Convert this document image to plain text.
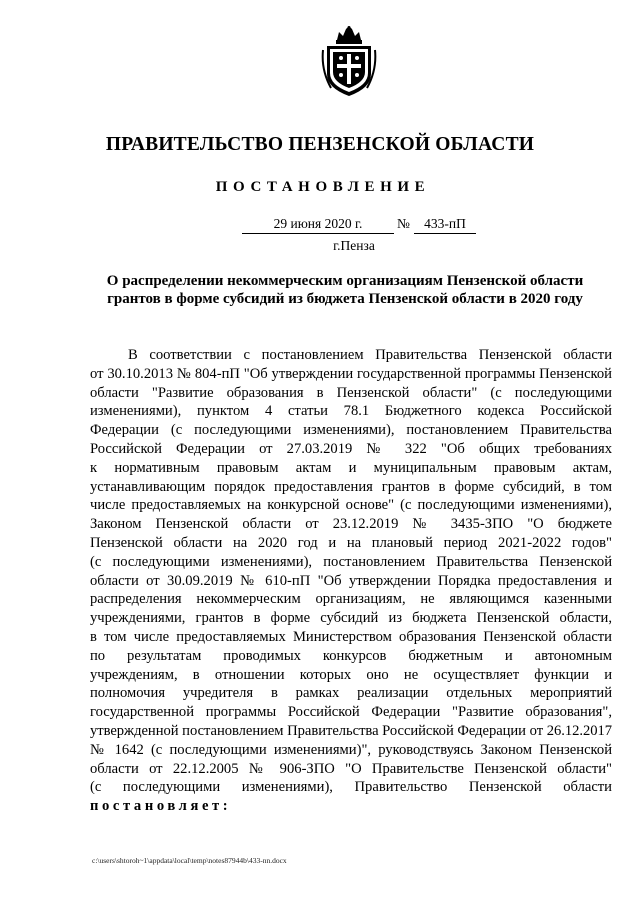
ПРАВИТЕЛЬСТВО ПЕНЗЕНСКОЙ ОБЛАСТИ
ПОСТАНОВЛЕНИЕ
29 июня 2020 г.	№	433-пП
г.Пенза
О распределении некоммерческим организациям Пензенской области
грантов в форме субсидий из бюджета Пензенской области в 2020 году
В соответствии с постановлением Правительства Пензенской области
от 30.10.2013 № 804-пП "Об утверждении государственной программы Пензенской
области "Развитие образования в Пензенской области" (с последующими
изменениями), пунктом 4 статьи 78.1 Бюджетного кодекса Российской
Федерации (с последующими изменениями), постановлением Правительства
Российской Федерации от 27.03.2019 № 322 "Об общих требованиях
к нормативным правовым актам и муниципальным правовым актам,
устанавливающим порядок предоставления грантов в форме субсидий, в том
числе предоставляемых на конкурсной основе" (с последующими изменениями),
Законом Пензенской области от 23.12.2019 № 3435-ЗПО "О бюджете
Пензенской области на 2020 год и на плановый период 2021-2022 годов"
(с последующими изменениями), постановлением Правительства Пензенской
области от 30.09.2019 № 610-пП "Об утверждении Порядка предоставления и
распределения некоммерческим организациям, не являющимся казенными
учреждениями, грантов в форме субсидий из бюджета Пензенской области,
в том числе предоставляемых Министерством образования Пензенской области
по результатам проводимых конкурсов бюджетным и автономным
учреждениям, в отношении которых оно не осуществляет функции и
полномочия учредителя в рамках реализации отдельных мероприятий
государственной программы Российской Федерации "Развитие образования",
утвержденной постановлением Правительства Российской Федерации от 26.12.2017
№ 1642 (с последующими изменениями)", руководствуясь Законом Пензенской
области от 22.12.2005 № 906-ЗПО "О Правительстве Пензенской области"
(с последующими изменениями), Правительство Пензенской области
постановляет:
c:\users\shtoroh~1\appdata\local\temp\notes87944b\433-nn.docx
